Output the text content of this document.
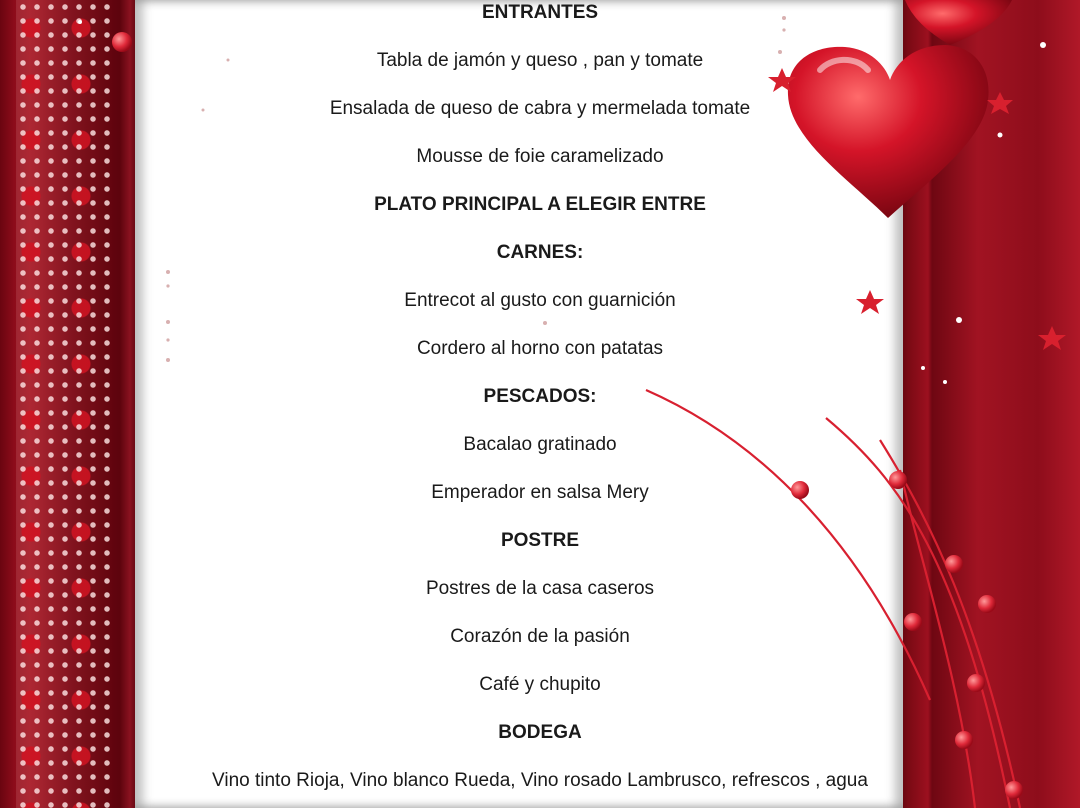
ENTRANTES
Tabla de jamón y queso , pan y tomate
Ensalada de queso de cabra y mermelada tomate
Mousse de foie caramelizado
PLATO PRINCIPAL A ELEGIR ENTRE
CARNES:
Entrecot al gusto con guarnición
Cordero al horno con patatas
PESCADOS:
Bacalao gratinado
Emperador en salsa Mery
POSTRE
Postres de la casa caseros
Corazón de la pasión
Café y chupito
BODEGA
Vino tinto Rioja, Vino blanco Rueda, Vino rosado Lambrusco, refrescos , agua
